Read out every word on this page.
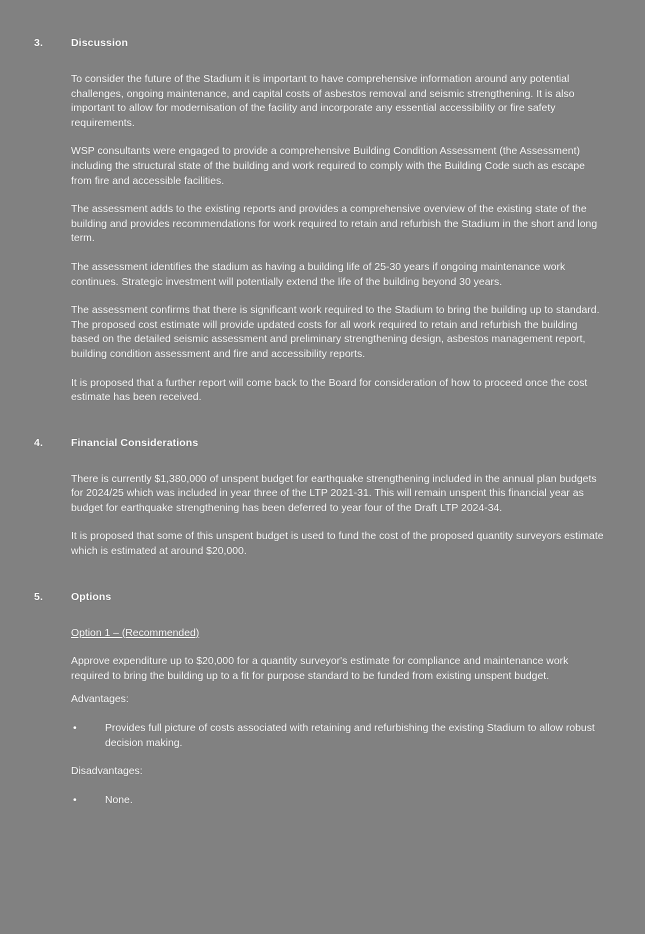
3.	Discussion
To consider the future of the Stadium it is important to have comprehensive information around any potential challenges, ongoing maintenance, and capital costs of asbestos removal and seismic strengthening. It is also important to allow for modernisation of the facility and incorporate any essential accessibility or fire safety requirements.
WSP consultants were engaged to provide a comprehensive Building Condition Assessment (the Assessment) including the structural state of the building and work required to comply with the Building Code such as escape from fire and accessible facilities.
The assessment adds to the existing reports and provides a comprehensive overview of the existing state of the building and provides recommendations for work required to retain and refurbish the Stadium in the short and long term.
The assessment identifies the stadium as having a building life of 25-30 years if ongoing maintenance work continues. Strategic investment will potentially extend the life of the building beyond 30 years.
The assessment confirms that there is significant work required to the Stadium to bring the building up to standard. The proposed cost estimate will provide updated costs for all work required to retain and refurbish the building based on the detailed seismic assessment and preliminary strengthening design, asbestos management report, building condition assessment and fire and accessibility reports.
It is proposed that a further report will come back to the Board for consideration of how to proceed once the cost estimate has been received.
4.	Financial Considerations
There is currently $1,380,000 of unspent budget for earthquake strengthening included in the annual plan budgets for 2024/25 which was included in year three of the LTP 2021-31. This will remain unspent this financial year as budget for earthquake strengthening has been deferred to year four of the Draft LTP 2024-34.
It is proposed that some of this unspent budget is used to fund the cost of the proposed quantity surveyors estimate which is estimated at around $20,000.
5.	Options
Option 1 – (Recommended)
Approve expenditure up to $20,000 for a quantity surveyor's estimate for compliance and maintenance work required to bring the building up to a fit for purpose standard to be funded from existing unspent budget.
Advantages:
•	Provides full picture of costs associated with retaining and refurbishing the existing Stadium to allow robust decision making.
Disadvantages:
•	None.
